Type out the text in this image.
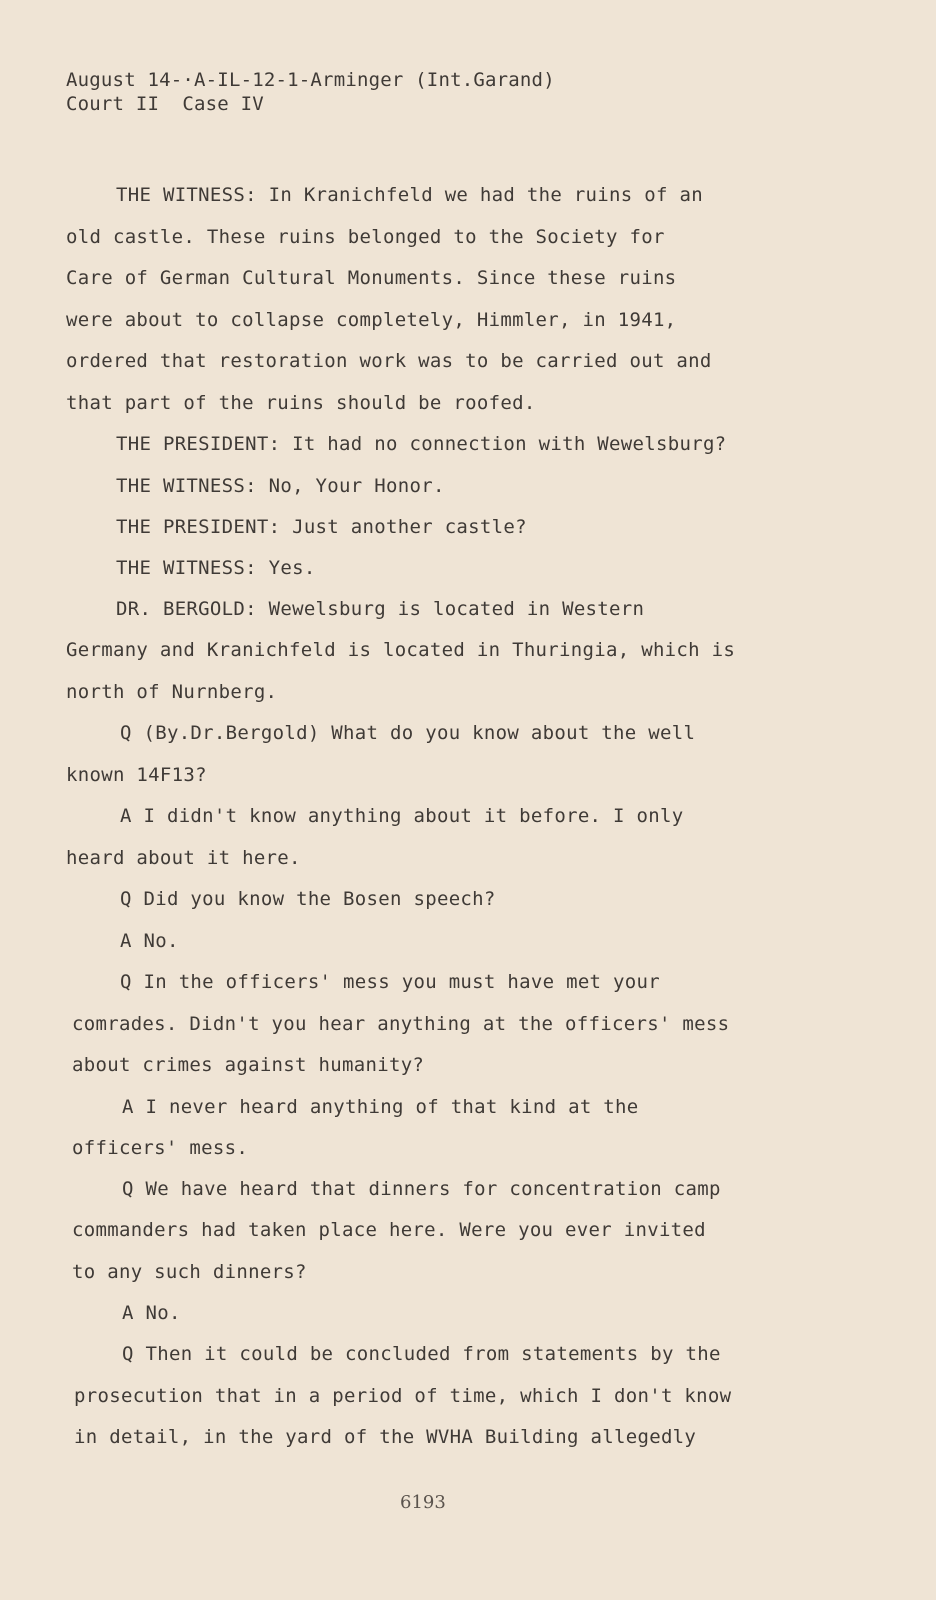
August 14-·A-IL-12-1-Arminger (Int.Garand)
Court II  Case IV
THE WITNESS: In Kranichfeld we had the ruins of an
old castle. These ruins belonged to the Society for
Care of German Cultural Monuments. Since these ruins
were about to collapse completely, Himmler, in 1941,
ordered that restoration work was to be carried out and
that part of the ruins should be roofed.
THE PRESIDENT: It had no connection with Wewelsburg?
THE WITNESS: No, Your Honor.
THE PRESIDENT: Just another castle?
THE WITNESS: Yes.
DR. BERGOLD: Wewelsburg is located in Western
Germany and Kranichfeld is located in Thuringia, which is
north of Nurnberg.
Q (By.Dr.Bergold) What do you know about the well
known 14F13?
A I didn't know anything about it before. I only
heard about it here.
Q Did you know the Bosen speech?
A No.
Q In the officers' mess you must have met your
comrades. Didn't you hear anything at the officers' mess
about crimes against humanity?
A I never heard anything of that kind at the
officers' mess.
Q We have heard that dinners for concentration camp
commanders had taken place here. Were you ever invited
to any such dinners?
A No.
Q Then it could be concluded from statements by the
prosecution that in a period of time, which I don't know
in detail, in the yard of the WVHA Building allegedly
6193
